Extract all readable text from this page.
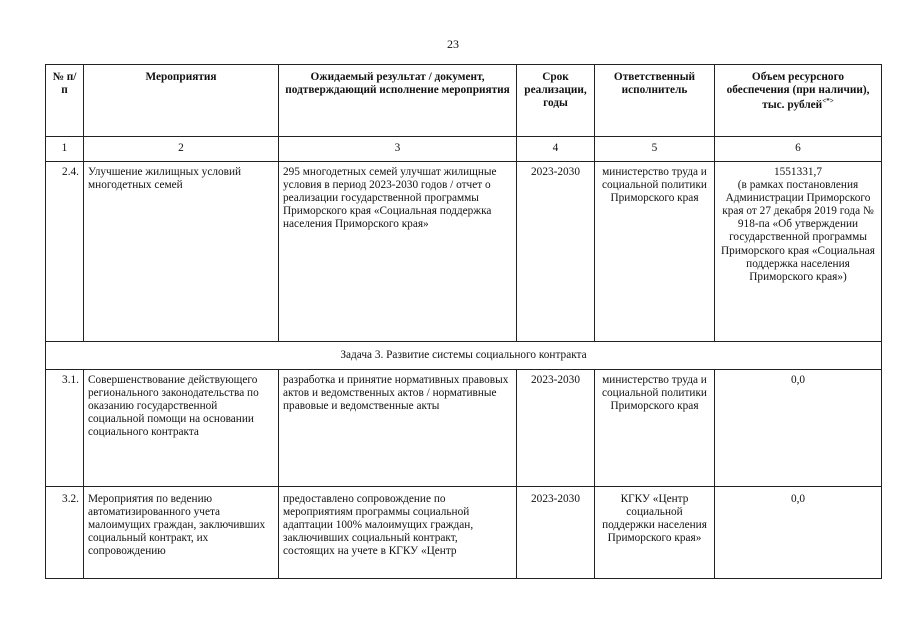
23
№ п/п	Мероприятия	Ожидаемый результат / документ, подтверждающий исполнение мероприятия	Срок реализации, годы	Ответственный исполнитель	Объем ресурсного обеспечения (при наличии), тыс. рублей<*>
1	2	3	4	5	6
2.4.	Улучшение жилищных условий многодетных семей	295 многодетных семей улучшат жилищные условия в период 2023-2030 годов / отчет о реализации государственной программы Приморского края «Социальная поддержка населения Приморского края»	2023-2030	министерство труда и социальной политики Приморского края	1551331,7
(в рамках постановления Администрации Приморского края от 27 декабря 2019 года № 918-па «Об утверждении государственной программы Приморского края «Социальная поддержка населения Приморского края»)

Задача 3. Развитие системы социального контракта					
3.1.	Совершенствование действующего регионального законодательства по оказанию государственной социальной помощи на основании социального контракта	разработка и принятие нормативных правовых актов и ведомственных актов / нормативные правовые и ведомственные акты	2023-2030	министерство труда и социальной политики Приморского края	0,0
3.2.	Мероприятия по ведению автоматизированного учета малоимущих граждан, заключивших социальный контракт, их сопровождению	предоставлено сопровождение по мероприятиям программы социальной адаптации 100% малоимущих граждан, заключивших социальный контракт, состоящих на учете в КГКУ «Центр	2023-2030	КГКУ «Центр социальной поддержки населения Приморского края»	0,0
